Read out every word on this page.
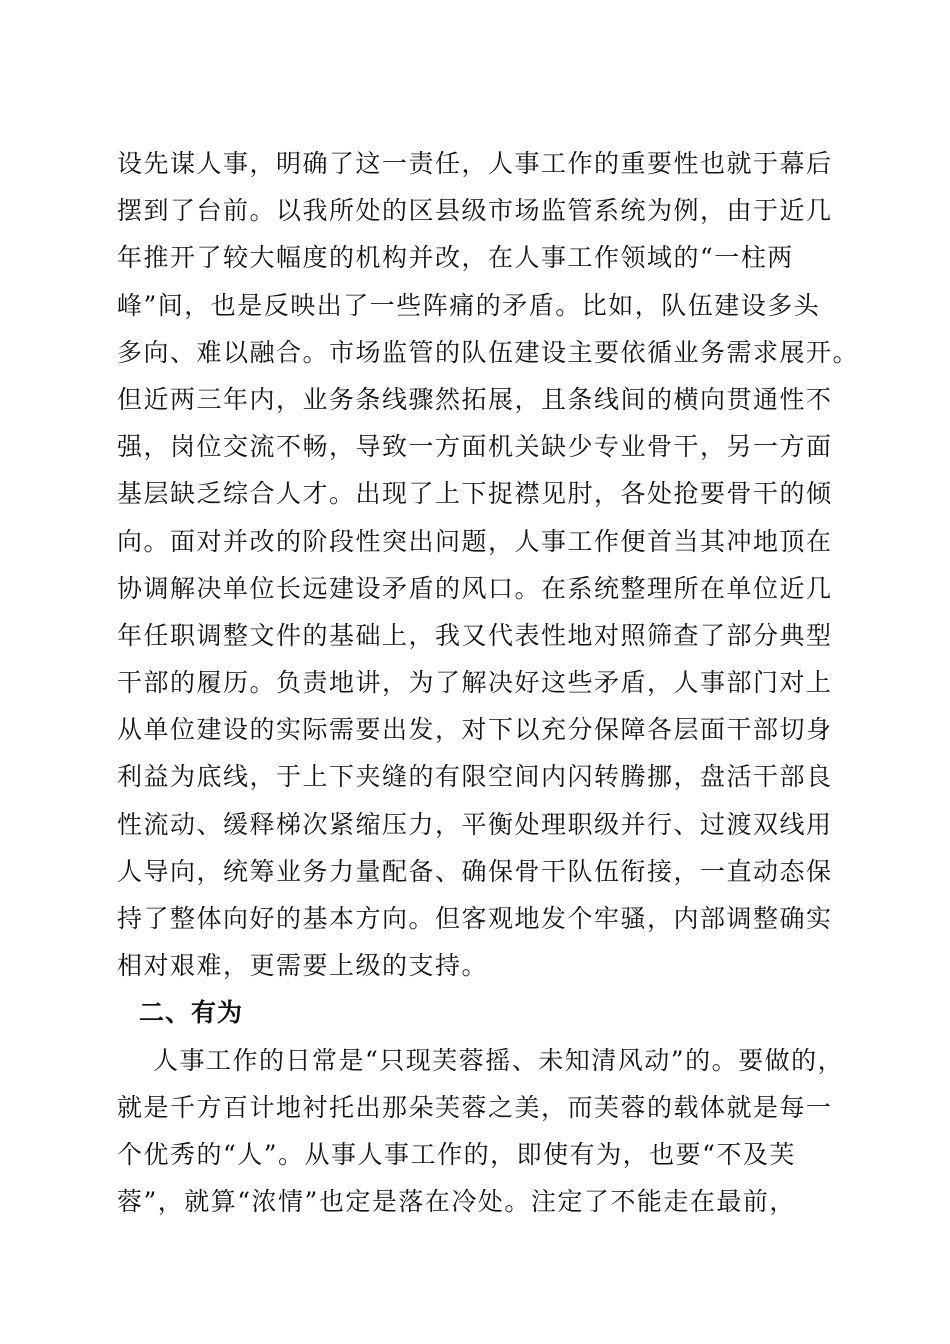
设先谋人事，明确了这一责任，人事工作的重要性也就于幕后
摆到了台前。以我所处的区县级市场监管系统为例，由于近几
年推开了较大幅度的机构并改，在人事工作领域的“一柱两
峰”间，也是反映出了一些阵痛的矛盾。比如，队伍建设多头
多向、难以融合。市场监管的队伍建设主要依循业务需求展开。
但近两三年内，业务条线骤然拓展，且条线间的横向贯通性不
强，岗位交流不畅，导致一方面机关缺少专业骨干，另一方面
基层缺乏综合人才。出现了上下捉襟见肘，各处抢要骨干的倾
向。面对并改的阶段性突出问题，人事工作便首当其冲地顶在
协调解决单位长远建设矛盾的风口。在系统整理所在单位近几
年任职调整文件的基础上，我又代表性地对照筛查了部分典型
干部的履历。负责地讲，为了解决好这些矛盾，人事部门对上
从单位建设的实际需要出发，对下以充分保障各层面干部切身
利益为底线，于上下夹缝的有限空间内闪转腾挪，盘活干部良
性流动、缓释梯次紧缩压力，平衡处理职级并行、过渡双线用
人导向，统筹业务力量配备、确保骨干队伍衔接，一直动态保
持了整体向好的基本方向。但客观地发个牢骚，内部调整确实
相对艰难，更需要上级的支持。
二、有为
人事工作的日常是“只现芙蓉摇、未知清风动”的。要做的，
就是千方百计地衬托出那朵芙蓉之美，而芙蓉的载体就是每一
个优秀的“人”。从事人事工作的，即使有为，也要“不及芙
蓉”，就算“浓情”也定是落在冷处。注定了不能走在最前，
